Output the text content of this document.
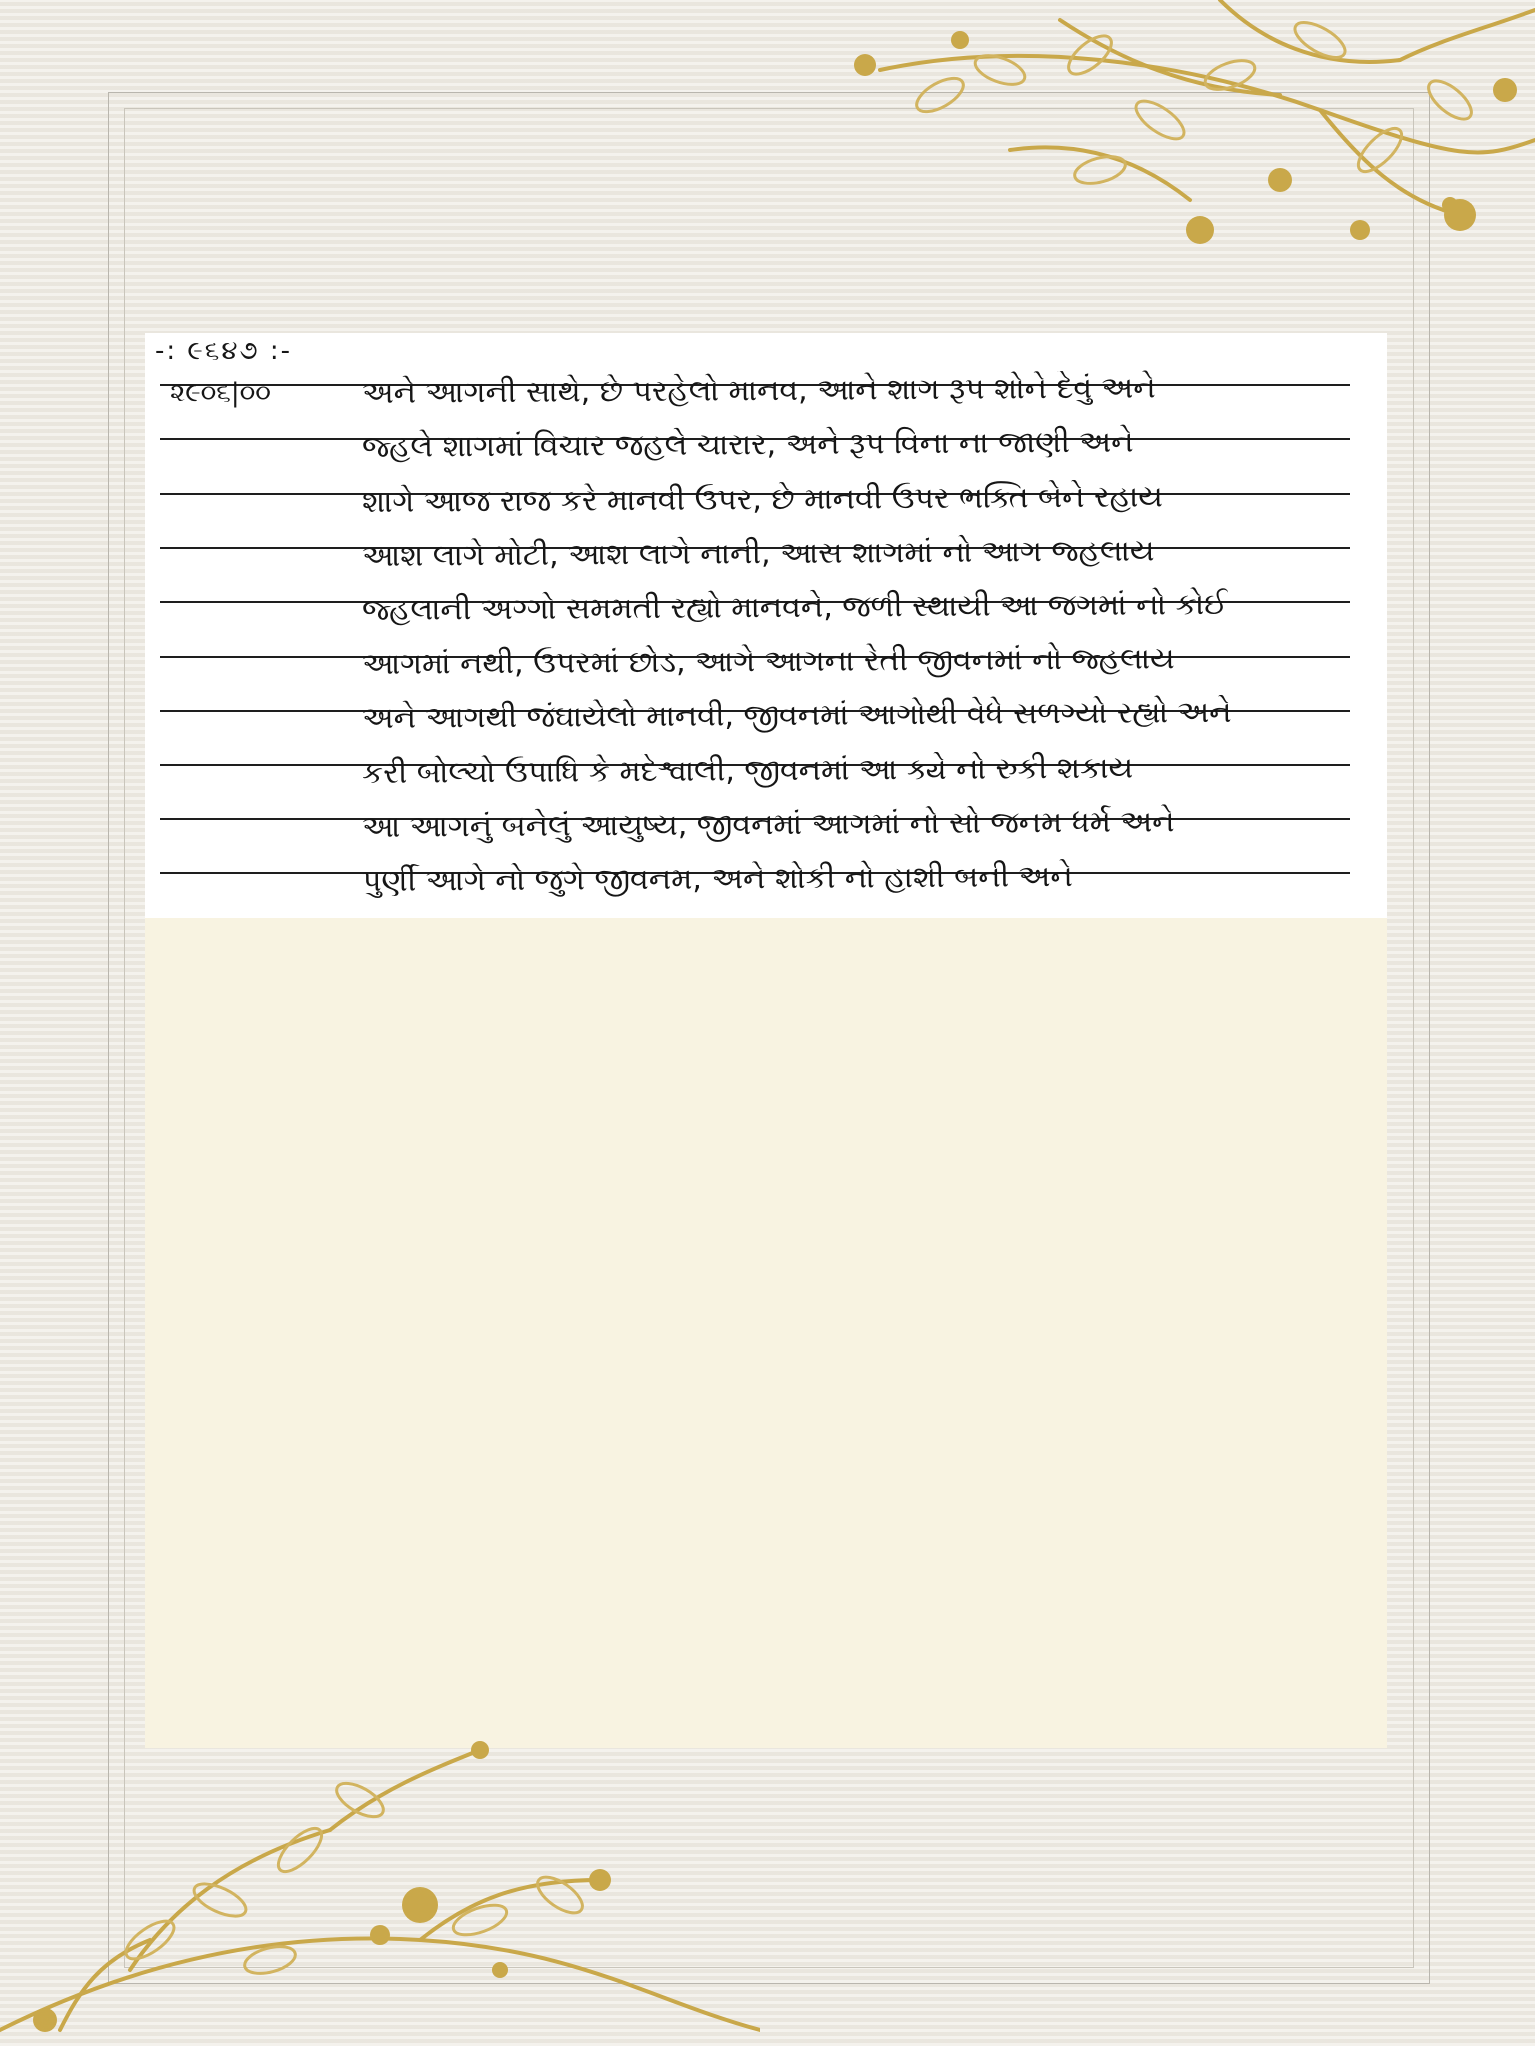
-: ૯૬૪૭ :-
૨૯૦૬|૦૦	અને આગની સાથે, છે પરહેલો માનવ, આને શાગ રૂપ શોને દેવું અને
જ્હલે શાગમાં વિચાર જહલે ચારાર, અને રૂપ વિના ના જાણી અને
શાગે આજ રાજ કરે માનવી ઉપર, છે માનવી ઉપર ભક્તિ બેને રહાય
આશ લાગે મોટી, આશ લાગે નાની, આસ શાગમાં નો આગ જ્હલાય
જ્હલાની અગ્ગો સમમતી રહ્યો માનવને, જળી સ્થાયી આ જગમાં નો કોઈ
આગમાં નથી, ઉપરમાં છોડ, આગે આગના રેતી જીવનમાં નો જ્હલાય
અને આગથી જંઘાયેલો માનવી, જીવનમાં આગોથી વેધે સળગ્યો રહ્યો અને
કરી બોલ્ચો ઉપાધિ કે મદેશ્વાલી, જીવનમાં આ ક્યે નો રુકી શકાય
આ આગનું બનેલું આયુષ્ય, જીવનમાં આગમાં નો સો જનમ ધર્મ અને
પુર્ણી આગે નો જુગે જીવનમ, અને શોકી નો હાશી બની અને
